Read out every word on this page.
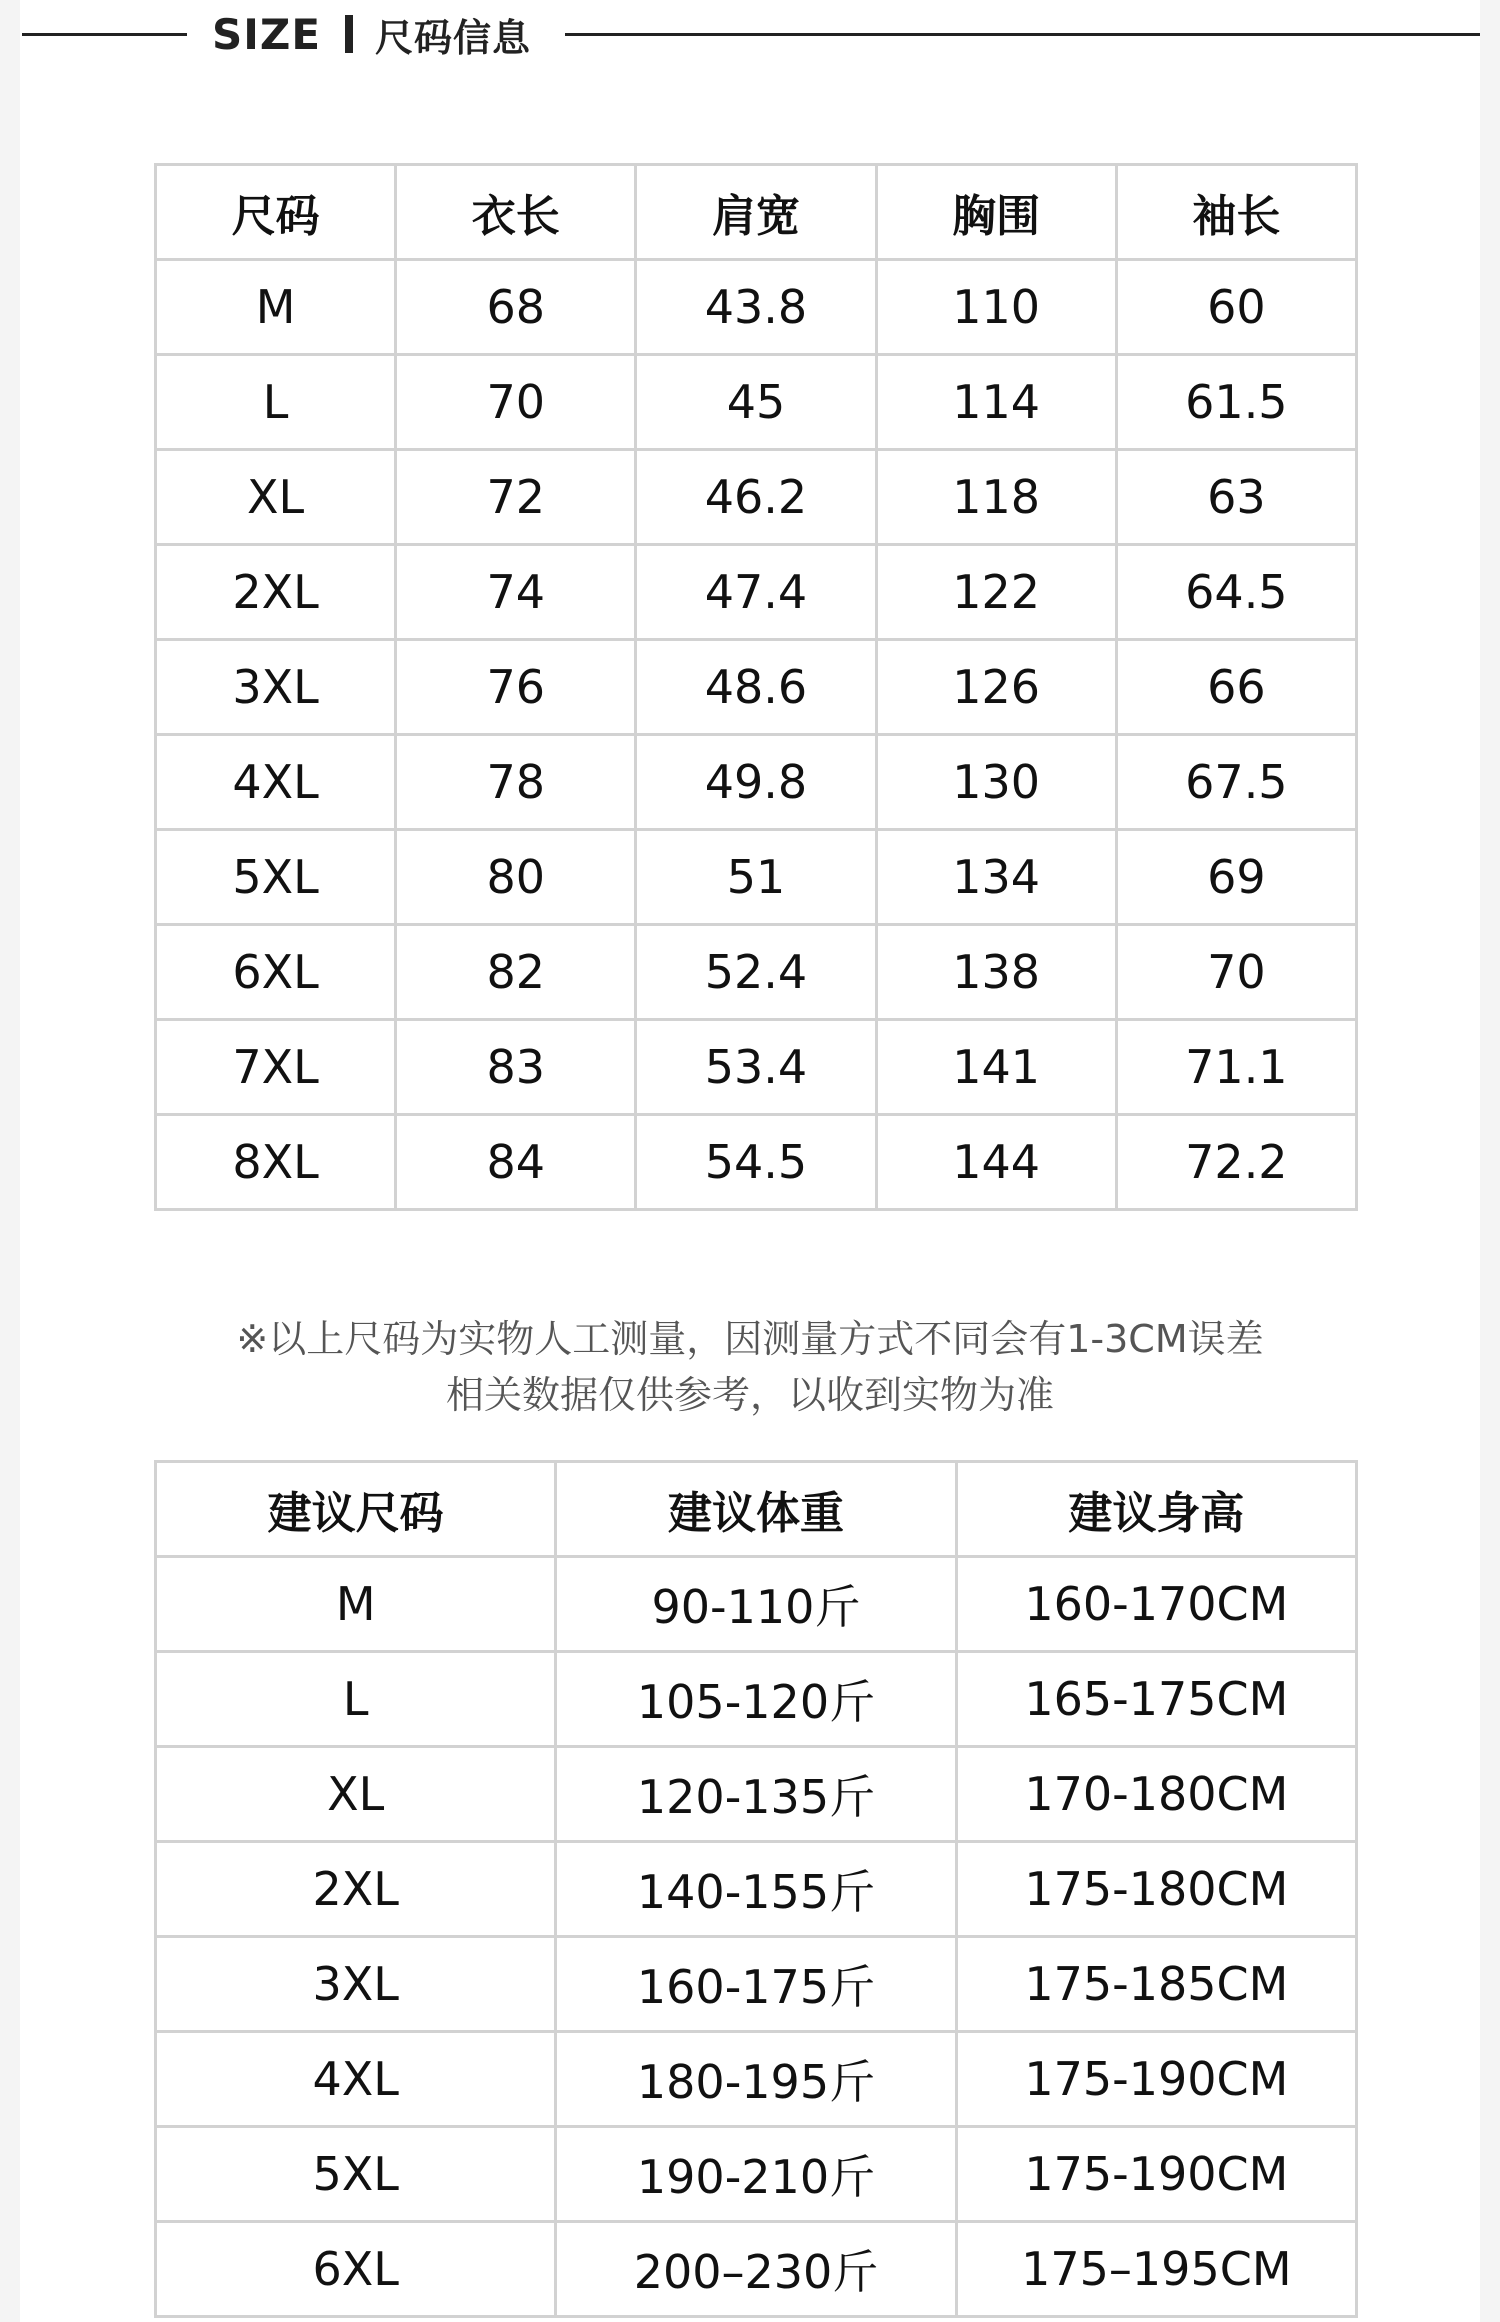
SIZE 尺码信息
尺码	衣长	肩宽	胸围	袖长
M	68	43.8	110	60
L	70	45	114	61.5
XL	72	46.2	118	63
2XL	74	47.4	122	64.5
3XL	76	48.6	126	66
4XL	78	49.8	130	67.5
5XL	80	51	134	69
6XL	82	52.4	138	70
7XL	83	53.4	141	71.1
8XL	84	54.5	144	72.2
※以上尺码为实物人工测量，因测量方式不同会有1-3CM误差
相关数据仅供参考，以收到实物为准
建议尺码	建议体重	建议身高
M	90-110斤	160-170CM
L	105-120斤	165-175CM
XL	120-135斤	170-180CM
2XL	140-155斤	175-180CM
3XL	160-175斤	175-185CM
4XL	180-195斤	175-190CM
5XL	190-210斤	175-190CM
6XL	200–230斤	175–195CM
